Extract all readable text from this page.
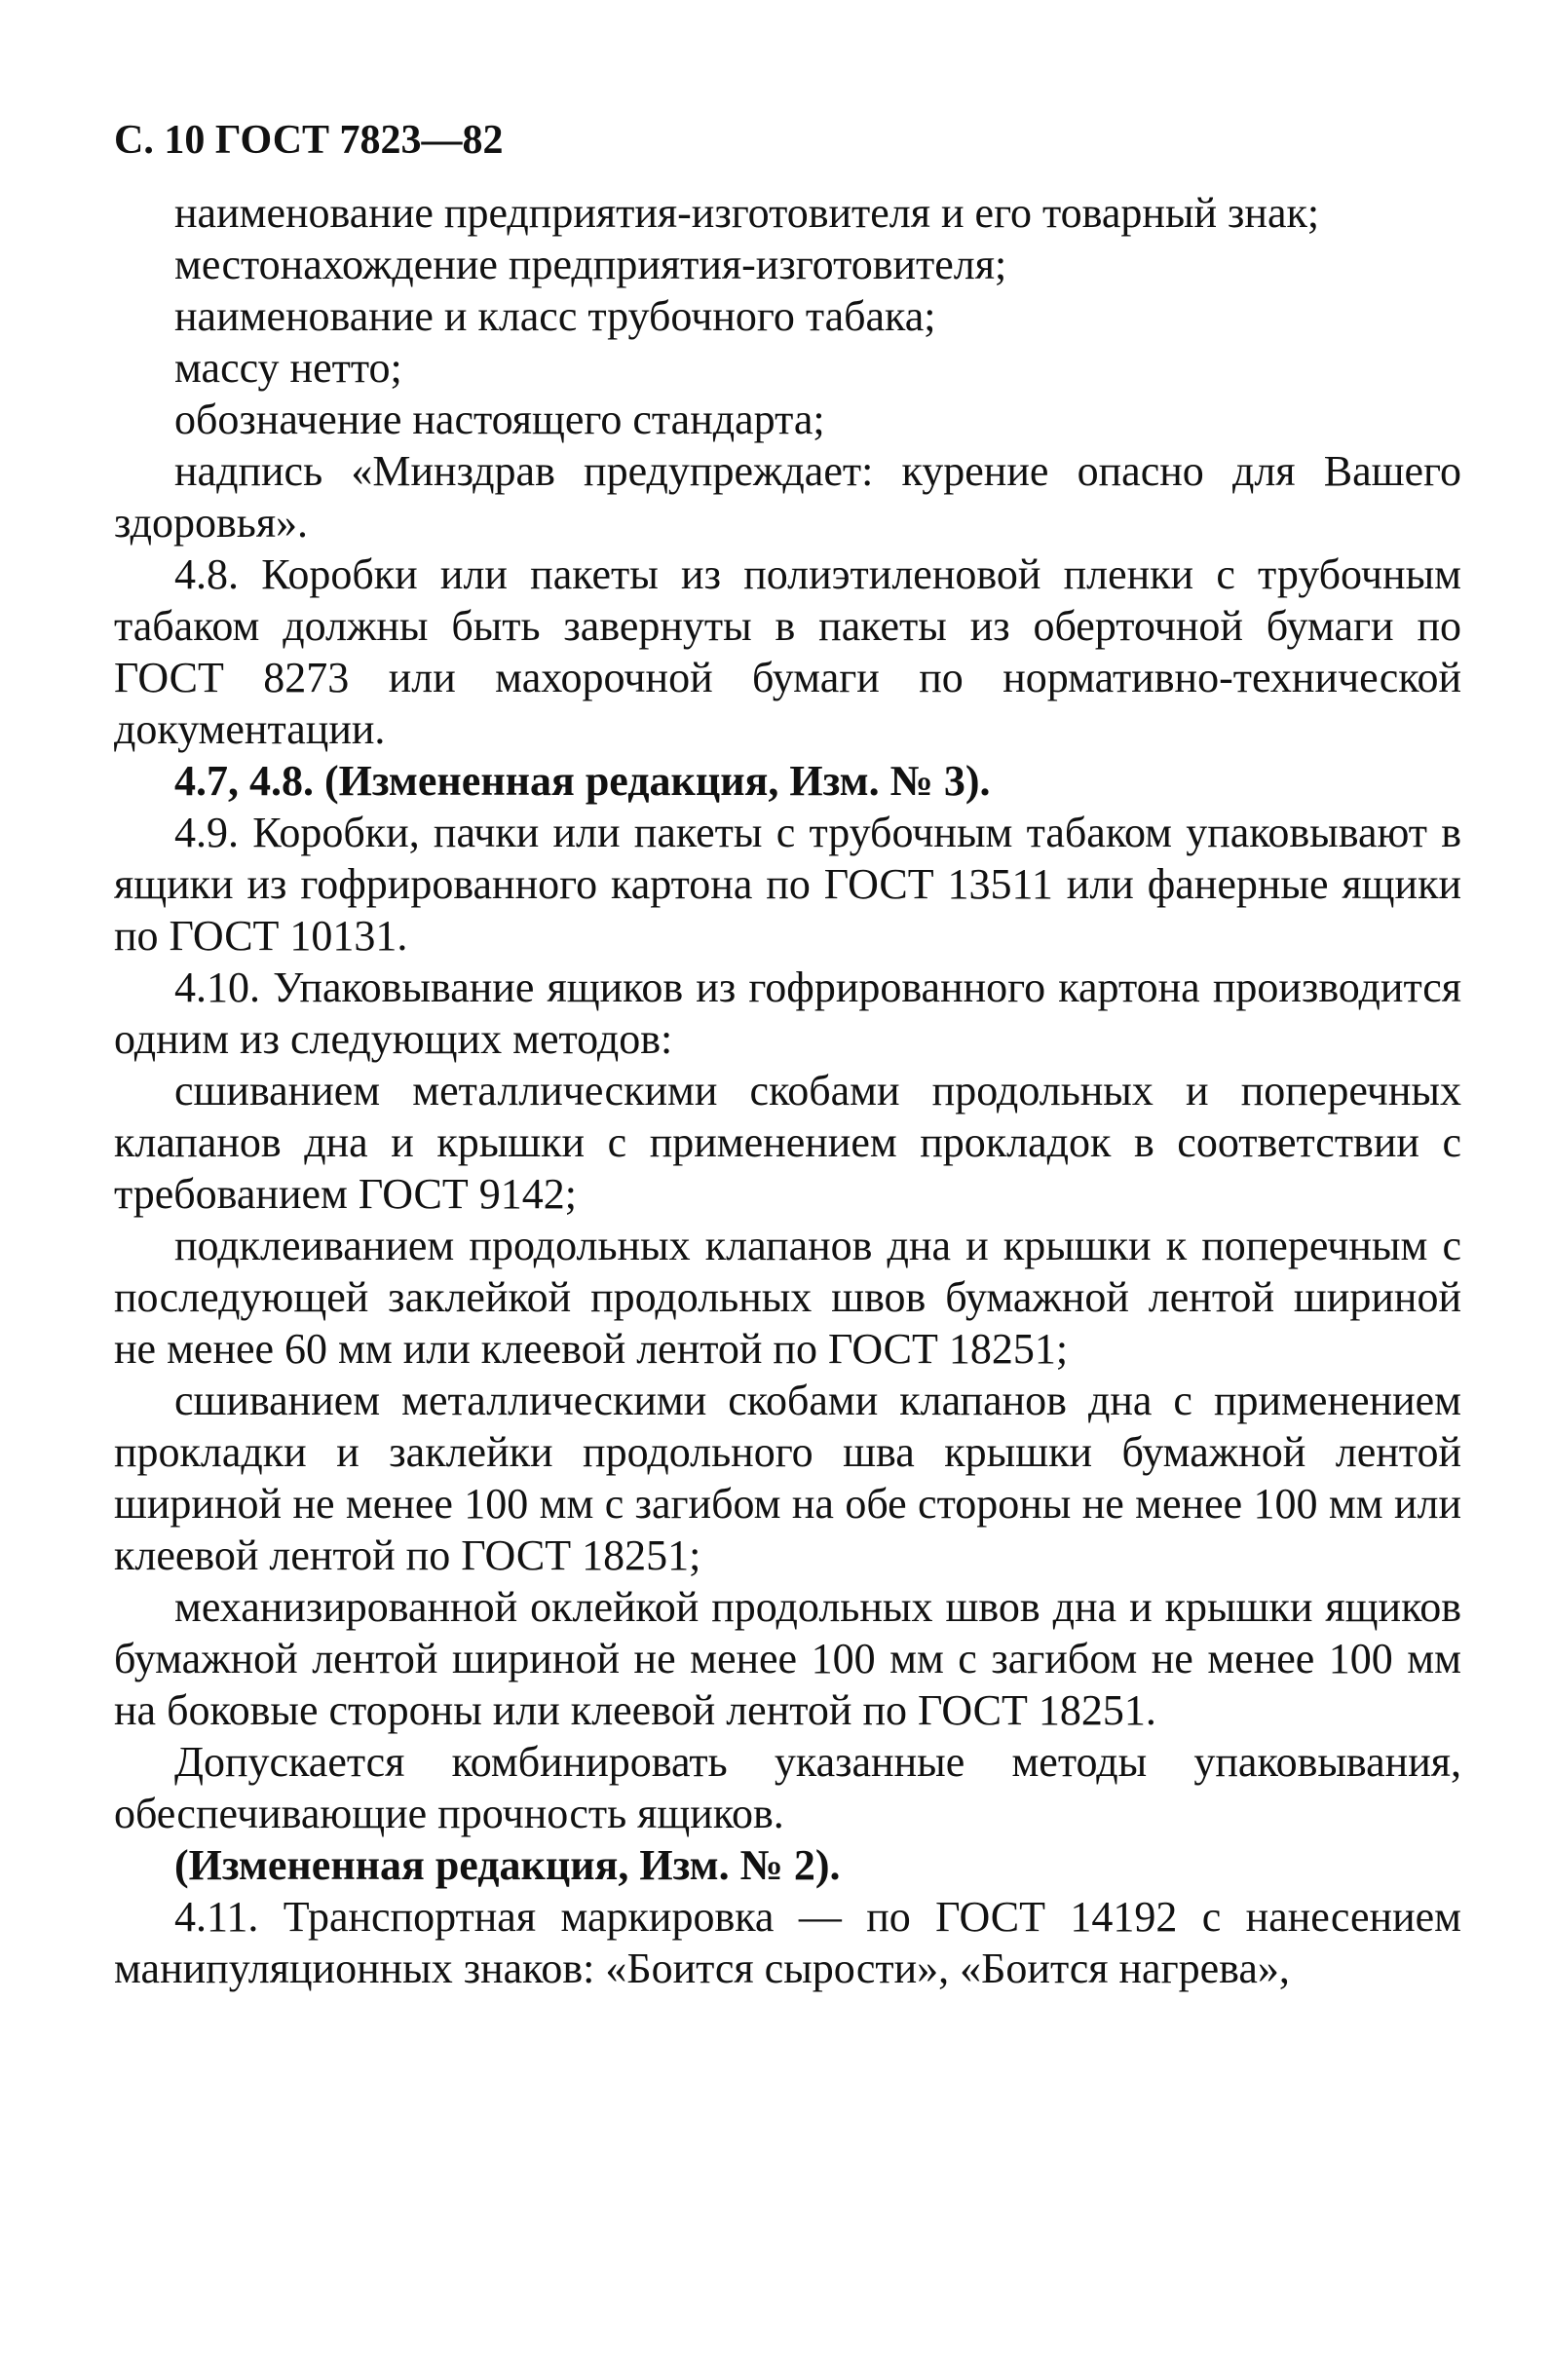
С. 10 ГОСТ 7823—82

наименование предприятия-изготовителя и его товарный знак;

местонахождение предприятия-изготовителя;

наименование и класс трубочного табака;

массу нетто;

обозначение настоящего стандарта;

надпись «Минздрав предупреждает: курение опасно для Вашего здоровья».

4.8. Коробки или пакеты из полиэтиленовой пленки с трубочным табаком должны быть завернуты в пакеты из оберточной бумаги по ГОСТ 8273 или махорочной бумаги по нормативно-технической документации.

4.7, 4.8. (Измененная редакция, Изм. № 3).

4.9. Коробки, пачки или пакеты с трубочным табаком упаковывают в ящики из гофрированного картона по ГОСТ 13511 или фанерные ящики по ГОСТ 10131.

4.10. Упаковывание ящиков из гофрированного картона производится одним из следующих методов:

сшиванием металлическими скобами продольных и поперечных клапанов дна и крышки с применением прокладок в соответствии с требованием ГОСТ 9142;

подклеиванием продольных клапанов дна и крышки к поперечным с последующей заклейкой продольных швов бумажной лентой шириной не менее 60 мм или клеевой лентой по ГОСТ 18251;

сшиванием металлическими скобами клапанов дна с применением прокладки и заклейки продольного шва крышки бумажной лентой шириной не менее 100 мм с загибом на обе стороны не менее 100 мм или клеевой лентой по ГОСТ 18251;

механизированной оклейкой продольных швов дна и крышки ящиков бумажной лентой шириной не менее 100 мм с загибом не менее 100 мм на боковые стороны или клеевой лентой по ГОСТ 18251.

Допускается комбинировать указанные методы упаковывания, обеспечивающие прочность ящиков.

(Измененная редакция, Изм. № 2).

4.11. Транспортная маркировка — по ГОСТ 14192 с нанесением манипуляционных знаков: «Боится сырости», «Боится нагрева»,
